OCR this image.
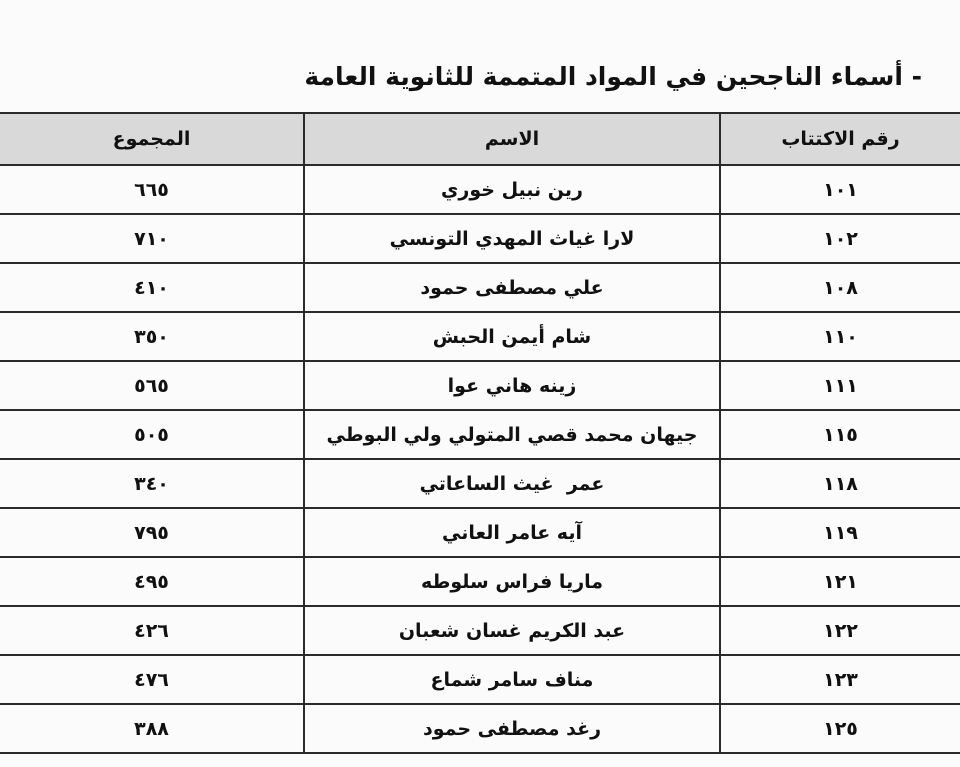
- أسماء الناجحين في المواد المتممة للثانوية العامة
رقم الاكتتاب	الاسم	المجموع
١٠١	رين نبيل خوري	٦٦٥
١٠٢	لارا غياث المهدي التونسي	٧١٠
١٠٨	علي مصطفى حمود	٤١٠
١١٠	شام أيمن الحبش	٣٥٠
١١١	زينه هاني عوا	٥٦٥
١١٥	جيهان محمد قصي المتولي ولي البوطي	٥٠٥
١١٨	عمر  غيث الساعاتي	٣٤٠
١١٩	آيه عامر العاني	٧٩٥
١٢١	ماريا فراس سلوطه	٤٩٥
١٢٢	عبد الكريم غسان شعبان	٤٢٦
١٢٣	مناف سامر شماع	٤٧٦
١٢٥	رغد مصطفى حمود	٣٨٨
